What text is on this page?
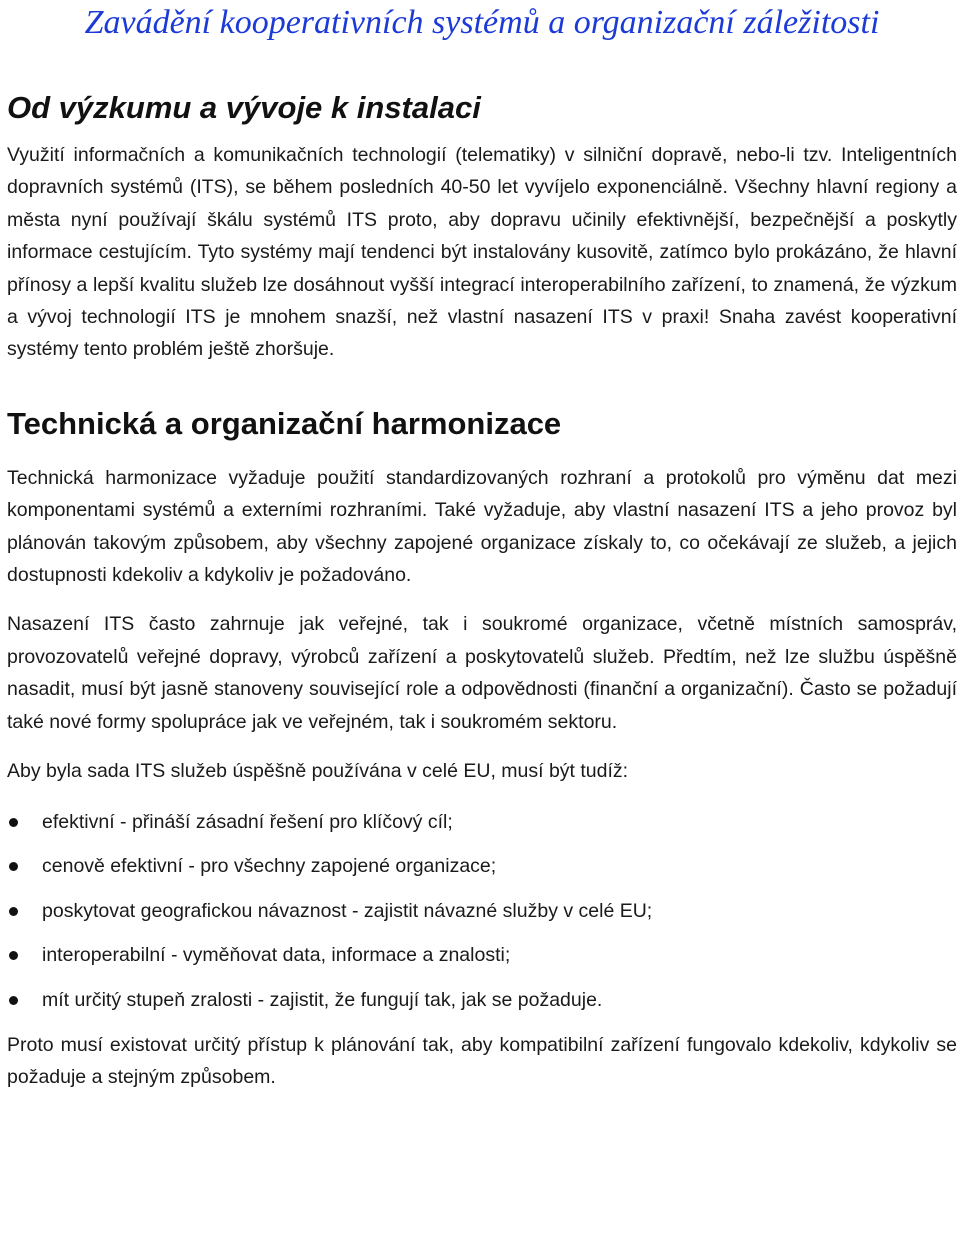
Zavádění kooperativních systémů a organizační záležitosti
Od výzkumu a vývoje k instalaci

Využití informačních a komunikačních technologií (telematiky) v silniční dopravě, nebo-li tzv. Inteligentních dopravních systémů (ITS), se během posledních 40-50 let vyvíjelo exponenciálně. Všechny hlavní regiony a města nyní používají škálu systémů ITS proto, aby dopravu učinily efektivnější, bezpečnější a poskytly informace cestujícím. Tyto systémy mají tendenci být instalovány kusovitě, zatímco bylo prokázáno, že hlavní přínosy a lepší kvalitu služeb lze dosáhnout vyšší integrací interoperabilního zařízení, to znamená, že výzkum a vývoj technologií ITS je mnohem snazší, než vlastní nasazení ITS v praxi! Snaha zavést kooperativní systémy tento problém ještě zhoršuje.

Technická a organizační harmonizace

Technická harmonizace vyžaduje použití standardizovaných rozhraní a protokolů pro výměnu dat mezi komponentami systémů a externími rozhraními. Také vyžaduje, aby vlastní nasazení ITS a jeho provoz byl plánován takovým způsobem, aby všechny zapojené organizace získaly to, co očekávají ze služeb, a jejich dostupnosti kdekoliv a kdykoliv je požadováno.

Nasazení ITS často zahrnuje jak veřejné, tak i soukromé organizace, včetně místních samospráv, provozovatelů veřejné dopravy, výrobců zařízení a poskytovatelů služeb. Předtím, než lze službu úspěšně nasadit, musí být jasně stanoveny související role a odpovědnosti (finanční a organizační). Často se požadují také nové formy spolupráce jak ve veřejném, tak i soukromém sektoru.

Aby byla sada ITS služeb úspěšně používána v celé EU, musí být tudíž:

efektivní - přináší zásadní řešení pro klíčový cíl;
cenově efektivní - pro všechny zapojené organizace;
poskytovat geografickou návaznost - zajistit návazné služby v celé EU;
interoperabilní - vyměňovat data, informace a znalosti;
mít určitý stupeň zralosti - zajistit, že fungují tak, jak se požaduje.

Proto musí existovat určitý přístup k plánování tak, aby kompatibilní zařízení fungovalo kdekoliv, kdykoliv se požaduje a stejným způsobem.
